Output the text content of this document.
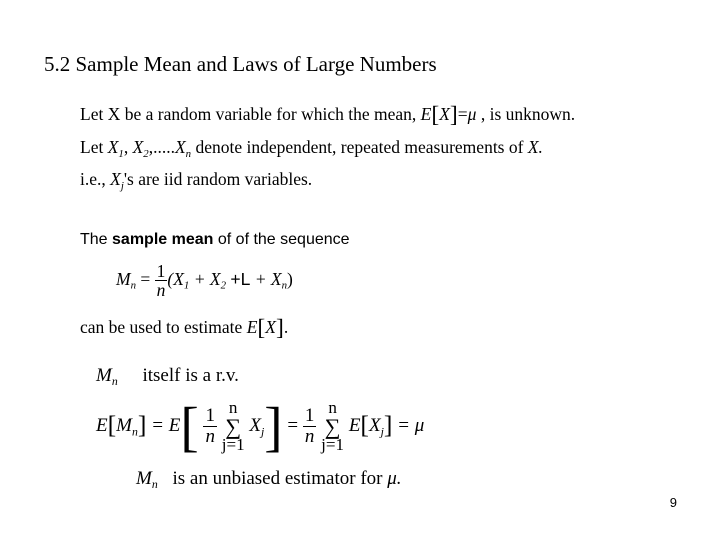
5.2 Sample Mean and Laws of Large Numbers
Let X be a random variable for which the mean, E[X]=μ , is unknown.
Let $X_1$, $X_2,.....X_n$ denote independent, repeated measurements of X.
i.e., $X_j's$ are iid random variables.
The sample mean of of the sequence
$M_n = \frac{1}{n} (X_1 + X_2 +L + X_n)$
can be used to estimate E[X].
$M_n$ itself is a r.v.
$E[M_n] = E[ \frac{1}{n}$
n
∑
j=1
$X_j] = \frac{1}{n}$
n
∑
j=1
$E[X_j] = \mu$
$M_n$ is an unbiased estimator for μ.
9
